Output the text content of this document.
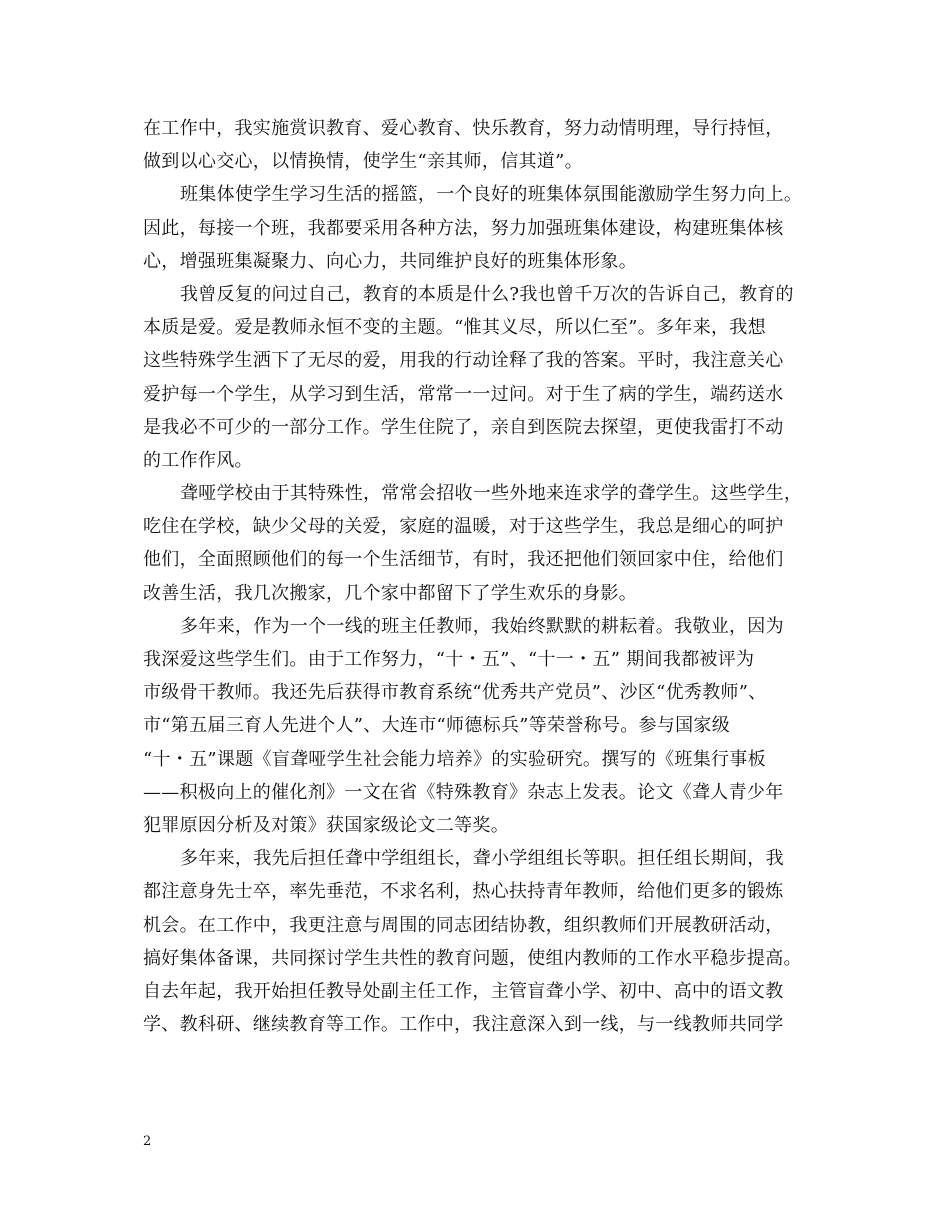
在工作中，我实施赏识教育、爱心教育、快乐教育，努力动情明理，导行持恒，
做到以心交心，以情换情，使学生“亲其师，信其道”。
班集体使学生学习生活的摇篮，一个良好的班集体氛围能激励学生努力向上。
因此，每接一个班，我都要采用各种方法，努力加强班集体建设，构建班集体核
心，增强班集凝聚力、向心力，共同维护良好的班集体形象。
我曾反复的问过自己，教育的本质是什么?我也曾千万次的告诉自己，教育的
本质是爱。爱是教师永恒不变的主题。“惟其义尽，所以仁至”。多年来，我想
这些特殊学生洒下了无尽的爱，用我的行动诠释了我的答案。平时，我注意关心
爱护每一个学生，从学习到生活，常常一一过问。对于生了病的学生，端药送水
是我必不可少的一部分工作。学生住院了，亲自到医院去探望，更使我雷打不动
的工作作风。
聋哑学校由于其特殊性，常常会招收一些外地来连求学的聋学生。这些学生，
吃住在学校，缺少父母的关爱，家庭的温暖，对于这些学生，我总是细心的呵护
他们，全面照顾他们的每一个生活细节，有时，我还把他们领回家中住，给他们
改善生活，我几次搬家，几个家中都留下了学生欢乐的身影。
多年来，作为一个一线的班主任教师，我始终默默的耕耘着。我敬业，因为
我深爱这些学生们。由于工作努力，“十・五”、“十一・五” 期间我都被评为
市级骨干教师。我还先后获得市教育系统“优秀共产党员”、沙区“优秀教师”、
市“第五届三育人先进个人”、大连市“师德标兵”等荣誉称号。参与国家级
“十・五”课题《盲聋哑学生社会能力培养》的实验研究。撰写的《班集行事板
——积极向上的催化剂》一文在省《特殊教育》杂志上发表。论文《聋人青少年
犯罪原因分析及对策》获国家级论文二等奖。
多年来，我先后担任聋中学组组长，聋小学组组长等职。担任组长期间，我
都注意身先士卒，率先垂范，不求名利，热心扶持青年教师，给他们更多的锻炼
机会。在工作中，我更注意与周围的同志团结协教，组织教师们开展教研活动，
搞好集体备课，共同探讨学生共性的教育问题，使组内教师的工作水平稳步提高。
自去年起，我开始担任教导处副主任工作，主管盲聋小学、初中、高中的语文教
学、教科研、继续教育等工作。工作中，我注意深入到一线，与一线教师共同学
2
